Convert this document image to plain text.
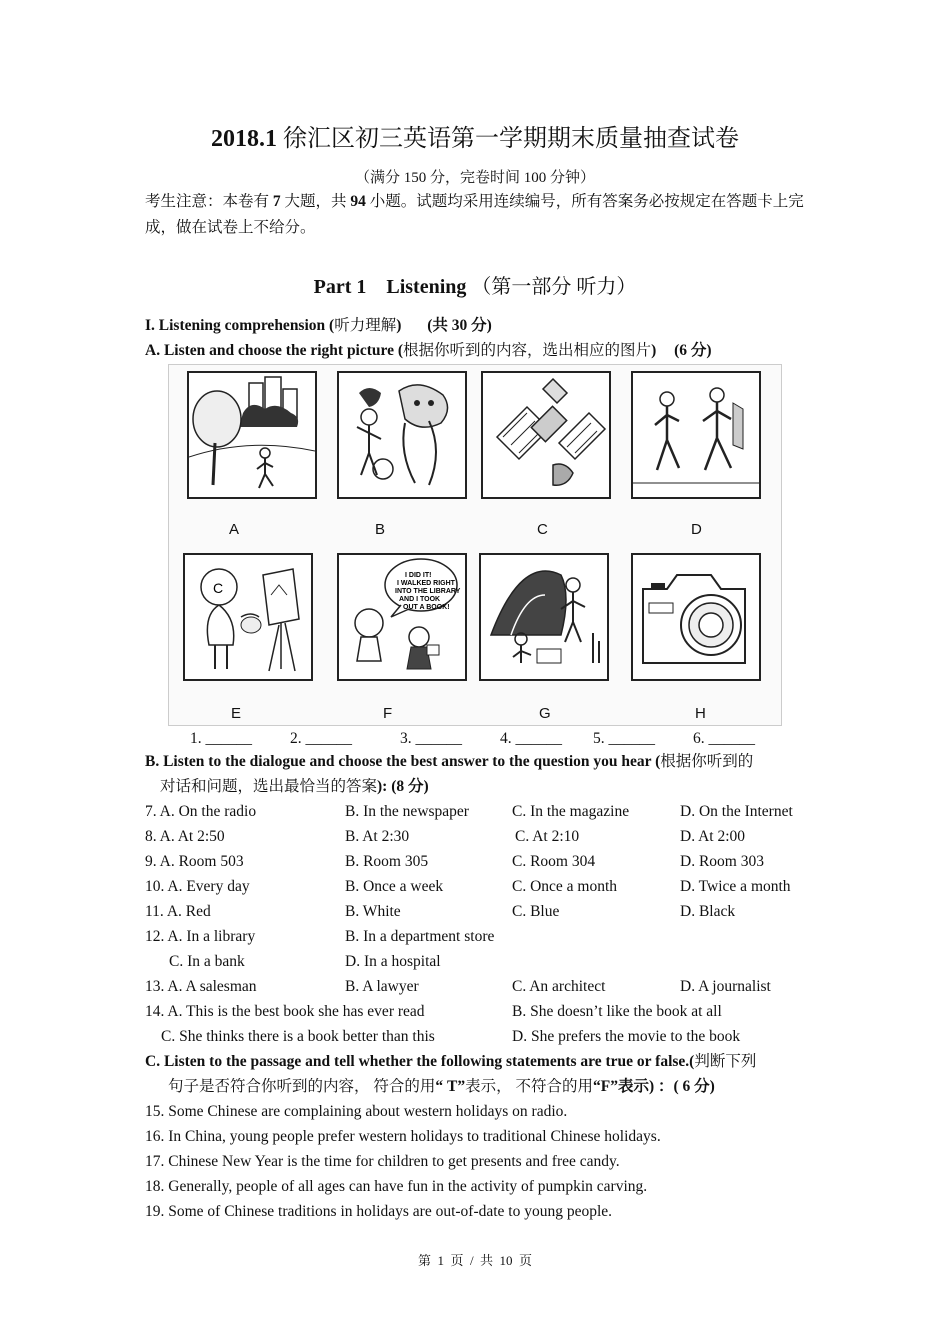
2018.1 徐汇区初三英语第一学期期末质量抽查试卷
（满分 150 分，完卷时间 100 分钟）
考生注意：本卷有 7 大题，共 94 小题。试题均采用连续编号，所有答案务必按规定在答题卡上完成，做在试卷上不给分。
Part 1    Listening （第一部分 听力）
I. Listening comprehension (听力理解) (共 30 分)
A. Listen and choose the right picture (根据你听到的内容，选出相应的图片) (6 分)
A	B	C	D
C
E
I DID IT! I WALKED RIGHT INTO THE LIBRARY AND I TOOK OUT A BOOK!
F	G	H
1. ______ 2. ______	3. ______ 4. ______ 5. ______ 6. ______
B. Listen to the dialogue and choose the best answer to the question you hear (根据你听到的
对话和问题，选出最恰当的答案): (8 分)
7. A. On the radio	B. In the newspaper	C. In the magazine	D. On the Internet
8. A. At 2:50	B. At 2:30	C. At 2:10	D. At 2:00
9. A. Room 503	B. Room 305	C. Room 304	D. Room 303
10. A. Every day	B. Once a week	C. Once a month	D. Twice a month
11. A. Red	B. White	C. Blue	D. Black
12. A. In a library	B. In a department store
C. In a bank	D. In a hospital
13. A. A salesman	B. A lawyer	C. An architect	D. A journalist
14. A. This is the best book she has ever read	B. She doesn’t like the book at all
C. She thinks there is a book better than this	D. She prefers the movie to the book
C. Listen to the passage and tell whether the following statements are true or false.(判断下列
句子是否符合你听到的内容， 符合的用“ T”表示， 不符合的用“F”表示) ：( 6 分)
15. Some Chinese are complaining about western holidays on radio.
16. In China, young people prefer western holidays to traditional Chinese holidays.
17. Chinese New Year is the time for children to get presents and free candy.
18. Generally, people of all ages can have fun in the activity of pumpkin carving.
19. Some of Chinese traditions in holidays are out-of-date to young people.
第  1  页  /  共  10  页
